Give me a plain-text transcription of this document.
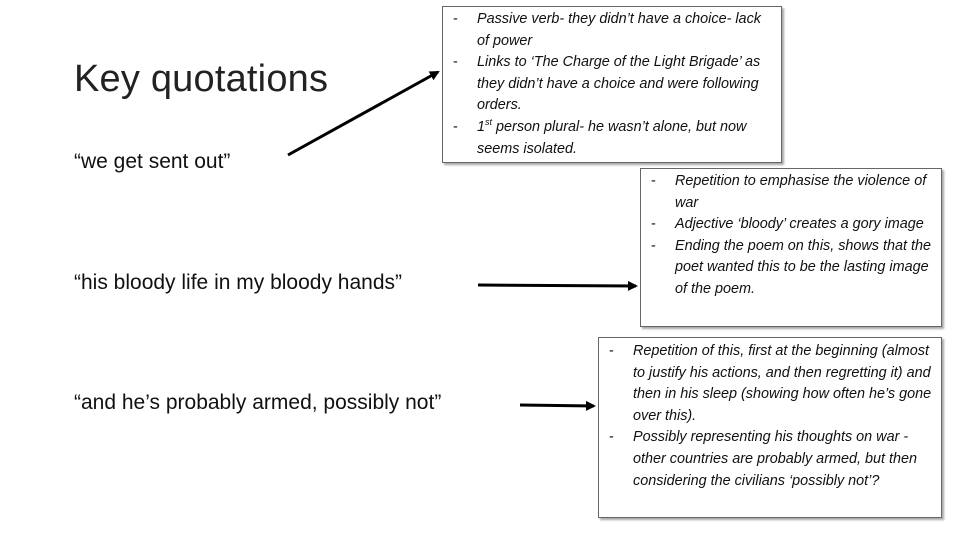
Key quotations
“we get sent out”
“his bloody life in my bloody hands”
“and he’s probably armed, possibly not”
- Passive verb- they didn’t have a choice- lack of power
- Links to ‘The Charge of the Light Brigade’ as they didn’t have a choice and were following orders.
- 1st person plural- he wasn’t alone, but now seems isolated.
- Repetition to emphasise the violence of war
- Adjective ‘bloody’ creates a gory image
- Ending the poem on this, shows that the poet wanted this to be the lasting image of the poem.
- Repetition of this, first at the beginning (almost to justify his actions, and then regretting it) and then in his sleep (showing how often he’s gone over this).
- Possibly representing his thoughts on war - other countries are probably armed, but then considering the civilians ‘possibly not’?
